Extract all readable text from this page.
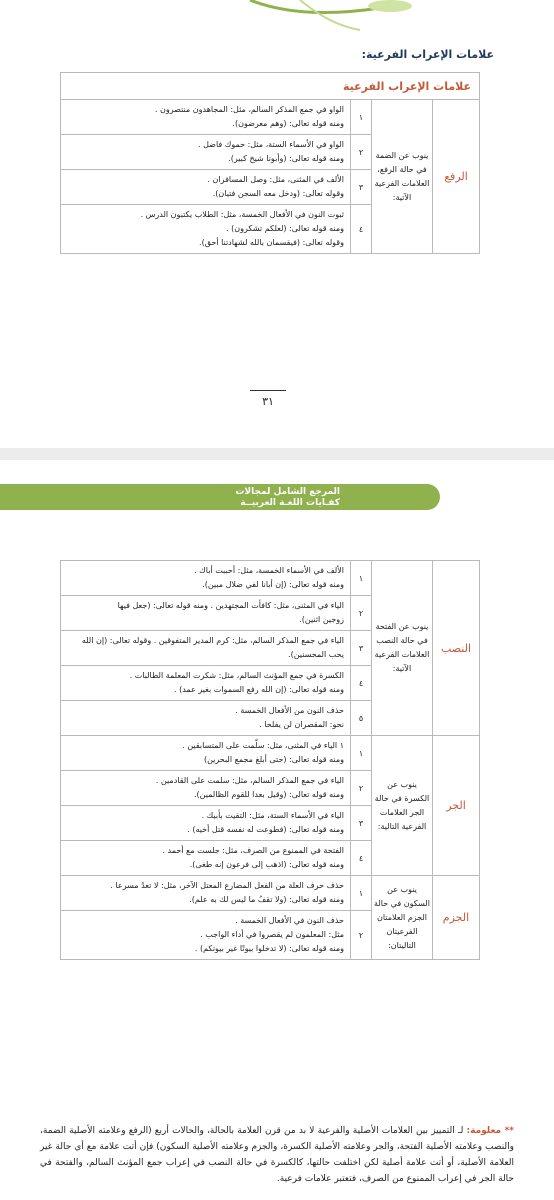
علامات الإعراب الفرعية:
علامات الإعراب الفرعية			
الرفع	ينوب عن الضمة في حالة الرفع، العلامات الفرعية الآتية:	١	الواو في جمع المذكر السالم، مثل: المجاهدون منتصرون .
ومنه قوله تعالى: (وهم معرضون).

		٢	الواو في الأسماء الستة، مثل: حموك فاضل .
ومنه قوله تعالى: (وأبونا شيخ كبير).

		٣	الألف في المثنى، مثل: وصل المسافران .
وقوله تعالى: (ودخل معه السجن فتيان).

		٤	ثبوت النون في الأفعال الخمسة، مثل: الطلاب يكتبون الدرس .
ومنه قوله تعالى: (لعلكم تشكرون) .
وقوله تعالى: (فيقسمان بالله لشهادتنا أحق).
٣١
المرجع الشامل لمجالات
كفـايات اللغـة العربيــة
النصب	ينوب عن الفتحة في حالة النصب العلامات الفرعية الآتية:	١	الألف في الأسماء الخمسة، مثل: أحببت أباك .
ومنه قوله تعالى: (إن أبانا لفي ضلال مبين).

		٢	الياء في المثنى، مثل: كافأت المجتهدين . ومنه قوله تعالى: (جعل فيها
زوجين اثنين).

		٣	الياء في جمع المذكر السالم، مثل: كرم المدير المتفوقين . وقوله تعالى: (إن الله
يحب المحسنين).

		٤	الكسرة في جمع المؤنث السالم، مثل: شكرت المعلمة الطالبات .
ومنه قوله تعالى: (إن الله رفع السموات بغير عمد) .

		٥	حذف النون من الأفعال الخمسة .
نحو: المقصران لن يفلحا .

الجر	ينوب عن الكسرة في حالة الجر العلامات الفرعية التالية:	١	١ الياء في المثنى، مثل: سلّمت على المتسابقين .
ومنه قوله تعالى: (حتى أبلغ مجمع البحرين)

		٢	الياء في جمع المذكر السالم، مثل: سلمت على القادمين .
ومنه قوله تعالى: (وقيل بعدا للقوم الظالمين).

		٣	الياء في الأسماء الستة، مثل: التقيت بأبيك .
ومنه قوله تعالى: (فطوعت له نفسه قتل أخيه) .

		٤	الفتحة في الممنوع من الصرف، مثل: جلست مع أحمد .
ومنه قوله تعالى: (اذهب إلى فرعون إنه طغى).

الجزم	ينوب عن السكون في حالة الجزم العلامتان الفرعيتان التاليتان:	١	حذف حرف العلة من الفعل المضارع المعتل الآخر، مثل: لا تعدُ مسرعا .
ومنه قوله تعالى: (ولا تقفُ ما ليس لك به علم).

		٢	حذف النون في الأفعال الخمسة .
مثل: المعلمون لم يقصروا في أداء الواجب .
ومنه قوله تعالى: (لا تدخلوا بيوتًا غير بيوتكم) .
** معلومة: لـ التمييز بين العلامات الأصلية والفرعية لا بد من قرن العلامة بالحالة، والحالات أربع (الرفع وعلامته الأصلية الضمة، والنصب وعلامته الأصلية الفتحة، والجر وعلامته الأصلية الكسرة، والجزم وعلامته الأصلية السكون) فإن أتت علامة مع أي حالة غير العلامة الأصلية، أو أتت علامة أصلية لكن اختلفت حالتها، كالكسرة في حالة النصب في إعراب جمع المؤنث السالم، والفتحة في حالة الجر في إعراب الممنوع من الصرف، فتعتبر علامات فرعية.
